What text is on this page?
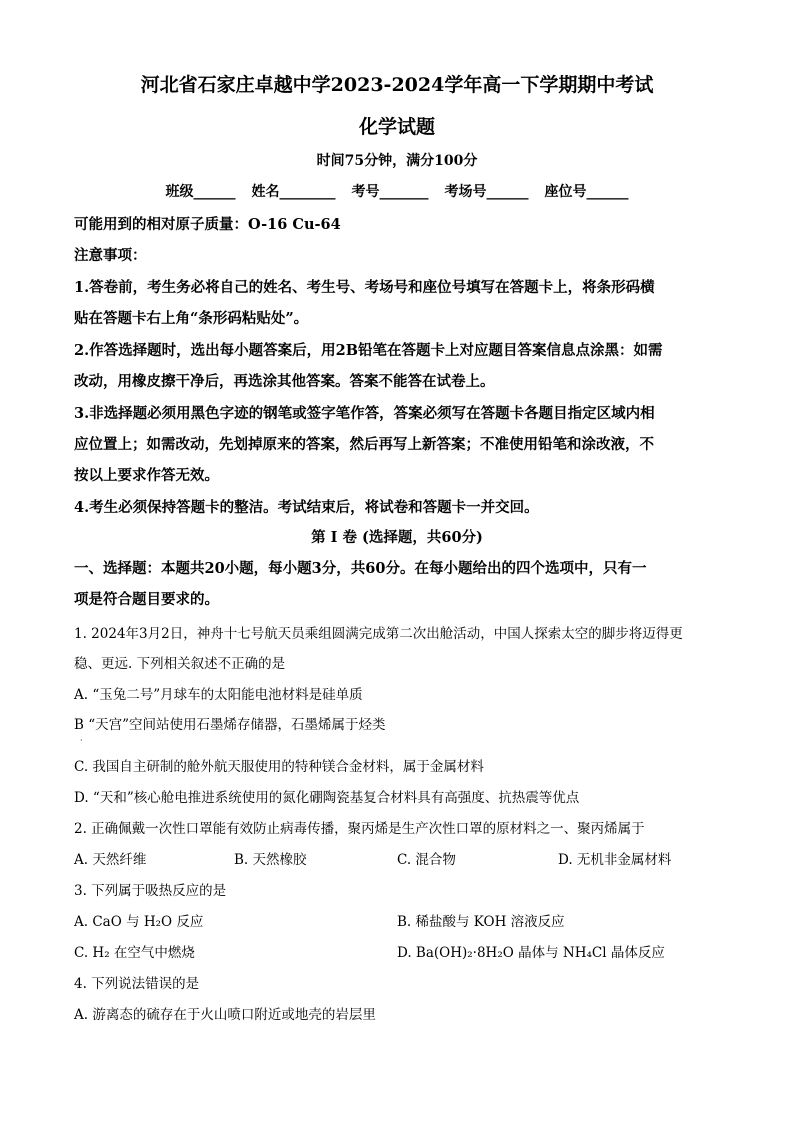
河北省石家庄卓越中学2023-2024学年高一下学期期中考试
化学试题
时间75分钟，满分100分
班级______ 姓名________ 考号_______ 考场号______ 座位号______
可能用到的相对原子质量：O-16 Cu-64
注意事项：
1.答卷前，考生务必将自己的姓名、考生号、考场号和座位号填写在答题卡上，将条形码横
贴在答题卡右上角“条形码粘贴处”。
2.作答选择题时，选出每小题答案后，用2B铅笔在答题卡上对应题目答案信息点涂黑：如需
改动，用橡皮擦干净后，再选涂其他答案。答案不能答在试卷上。
3.非选择题必须用黑色字迹的钢笔或签字笔作答，答案必须写在答题卡各题目指定区域内相
应位置上；如需改动，先划掉原来的答案，然后再写上新答案；不准使用铅笔和涂改液，不
按以上要求作答无效。
4.考生必须保持答题卡的整洁。考试结束后，将试卷和答题卡一并交回。
第 I 卷 (选择题，共60分)
一、选择题：本题共20小题，每小题3分，共60分。在每小题给出的四个选项中，只有一
项是符合题目要求的。
1. 2024年3月2日，神舟十七号航天员乘组圆满完成第二次出舱活动，中国人探索太空的脚步将迈得更
稳、更远. 下列相关叙述不正确的是
A. “玉兔二号”月球车的太阳能电池材料是硅单质
B “天宫”空间站使用石墨烯存储器，石墨烯属于烃类
·
C. 我国自主研制的舱外航天服使用的特种镁合金材料，属于金属材料
D. “天和”核心舱电推进系统使用的氮化硼陶瓷基复合材料具有高强度、抗热震等优点
2. 正确佩戴一次性口罩能有效防止病毒传播，聚丙烯是生产次性口罩的原材料之一、聚丙烯属于
A. 天然纤维	B. 天然橡胶	C. 混合物	D. 无机非金属材料
3. 下列属于吸热反应的是
A. CaO 与 H₂O 反应	B. 稀盐酸与 KOH 溶液反应
C. H₂ 在空气中燃烧	D. Ba(OH)₂·8H₂O 晶体与 NH₄Cl 晶体反应
4. 下列说法错误的是
A. 游离态的硫存在于火山喷口附近或地壳的岩层里
